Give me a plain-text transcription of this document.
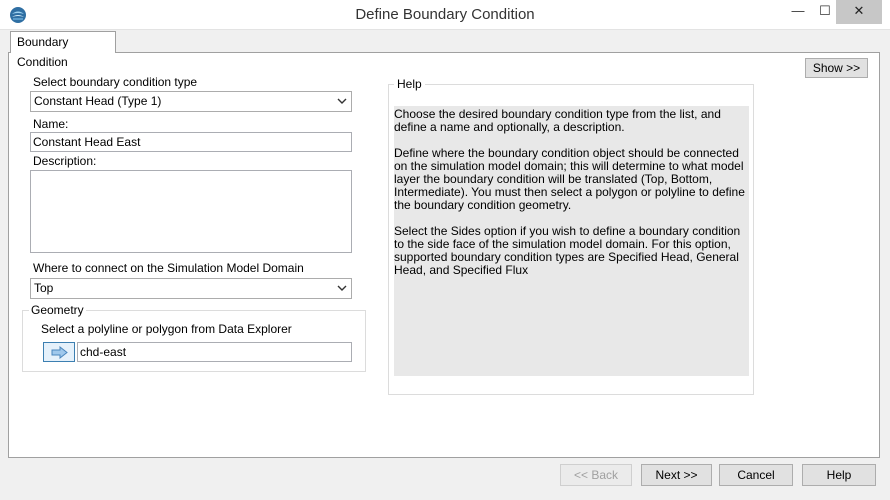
Define Boundary Condition	—	☐	✕
Boundary Condition	Show >>
Select boundary condition type
Constant Head (Type 1)
Name:
Constant Head East
Description:
Where to connect on the Simulation Model Domain
Top
Geometry
Select a polyline or polygon from Data Explorer
chd-east
Help

Choose the desired boundary condition type from the list, and define a name and optionally, a description.

Define where the boundary condition object should be connected on the simulation model domain; this will determine to what model layer the boundary condition will be translated (Top, Bottom, Intermediate). You must then select a polygon or polyline to define the boundary condition geometry.

Select the Sides option if you wish to define a boundary condition to the side face of the simulation model domain. For this option, supported boundary condition types are Specified Head, General Head, and Specified Flux

<< Back	Next >>	Cancel	Help
